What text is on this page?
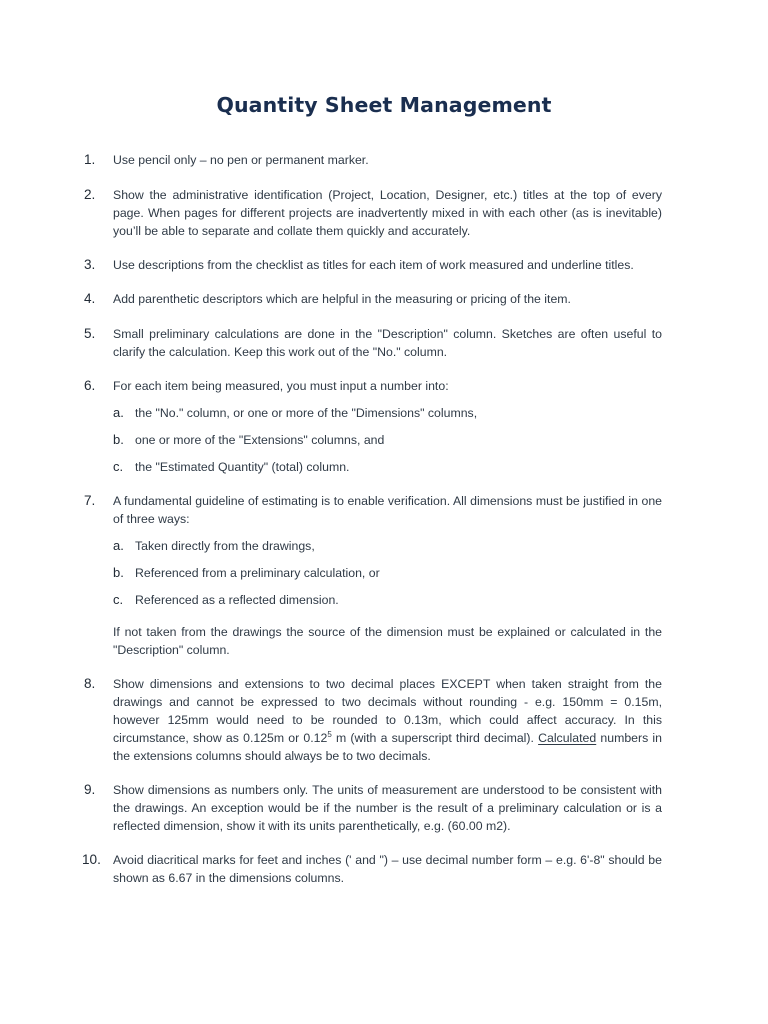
Quantity Sheet Management
1. Use pencil only – no pen or permanent marker.
2. Show the administrative identification (Project, Location, Designer, etc.) titles at the top of every page. When pages for different projects are inadvertently mixed in with each other (as is inevitable) you’ll be able to separate and collate them quickly and accurately.
3. Use descriptions from the checklist as titles for each item of work measured and underline titles.
4. Add parenthetic descriptors which are helpful in the measuring or pricing of the item.
5. Small preliminary calculations are done in the "Description" column. Sketches are often useful to clarify the calculation. Keep this work out of the "No." column.
6. For each item being measured, you must input a number into:
a. the "No." column, or one or more of the "Dimensions" columns,
b. one or more of the "Extensions" columns, and
c. the "Estimated Quantity" (total) column.
7. A fundamental guideline of estimating is to enable verification. All dimensions must be justified in one of three ways:
a. Taken directly from the drawings,
b. Referenced from a preliminary calculation, or
c. Referenced as a reflected dimension.
If not taken from the drawings the source of the dimension must be explained or calculated in the "Description" column.
8. Show dimensions and extensions to two decimal places EXCEPT when taken straight from the drawings and cannot be expressed to two decimals without rounding - e.g. 150mm = 0.15m, however 125mm would need to be rounded to 0.13m, which could affect accuracy. In this circumstance, show as 0.125m or 0.12$^5$ m (with a superscript third decimal). Calculated numbers in the extensions columns should always be to two decimals.
9. Show dimensions as numbers only. The units of measurement are understood to be consistent with the drawings. An exception would be if the number is the result of a preliminary calculation or is a reflected dimension, show it with its units parenthetically, e.g. (60.00 m2).
10. Avoid diacritical marks for feet and inches (' and ") – use decimal number form – e.g. 6'-8" should be shown as 6.67 in the dimensions columns.
